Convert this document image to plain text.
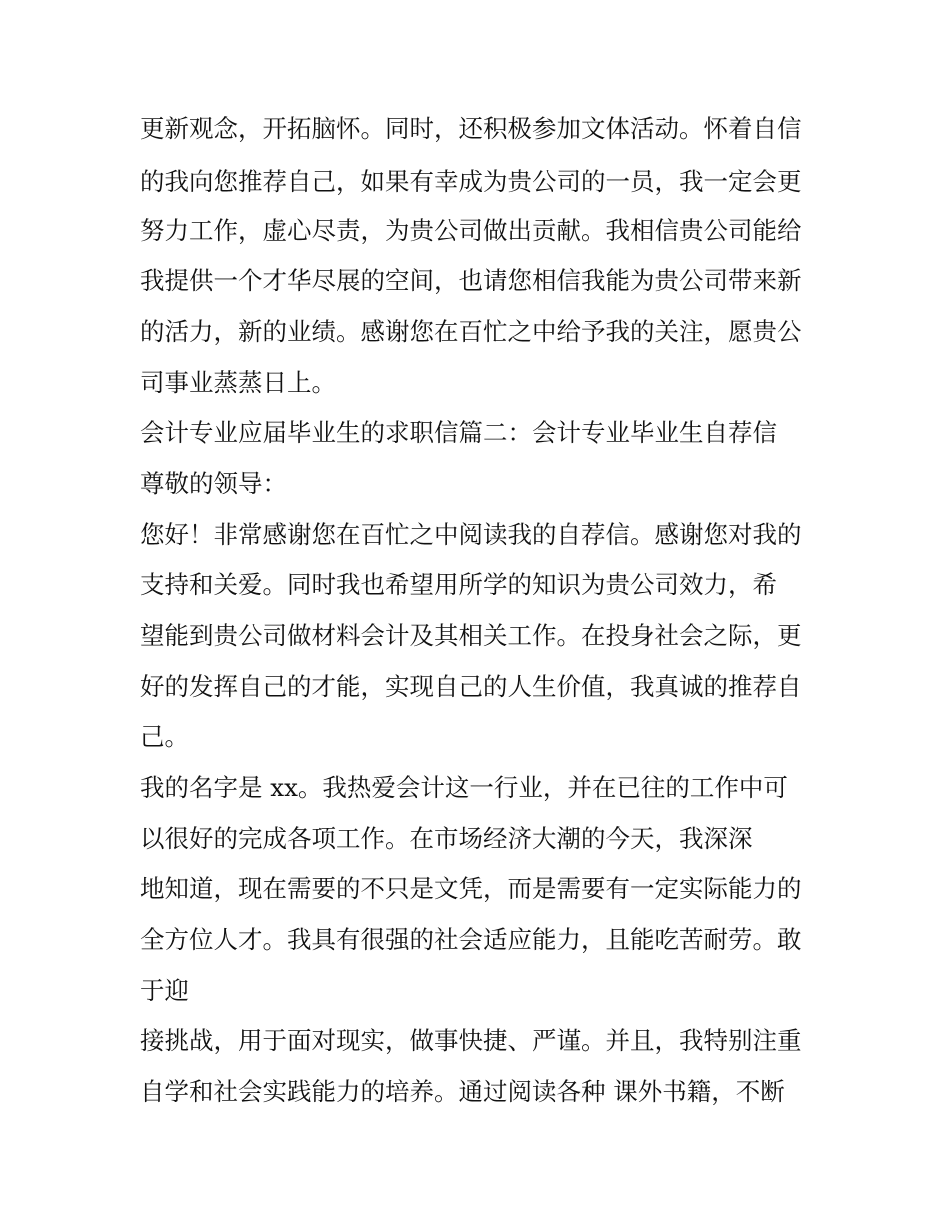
更新观念，开拓脑怀。同时，还积极参加文体活动。怀着自信
的我向您推荐自己，如果有幸成为贵公司的一员，我一定会更
努力工作，虚心尽责，为贵公司做出贡献。我相信贵公司能给
我提供一个才华尽展的空间，也请您相信我能为贵公司带来新
的活力，新的业绩。感谢您在百忙之中给予我的关注，愿贵公
司事业蒸蒸日上。
会计专业应届毕业生的求职信篇二：会计专业毕业生自荐信
尊敬的领导：
您好！非常感谢您在百忙之中阅读我的自荐信。感谢您对我的
支持和关爱。同时我也希望用所学的知识为贵公司效力，希
望能到贵公司做材料会计及其相关工作。在投身社会之际，更
好的发挥自己的才能，实现自己的人生价值，我真诚的推荐自
己。
我的名字是 xx。我热爱会计这一行业，并在已往的工作中可
以很好的完成各项工作。在市场经济大潮的今天，我深深
地知道，现在需要的不只是文凭，而是需要有一定实际能力的
全方位人才。我具有很强的社会适应能力，且能吃苦耐劳。敢
于迎
接挑战，用于面对现实，做事快捷、严谨。并且，我特别注重
自学和社会实践能力的培养。通过阅读各种 课外书籍，不断
